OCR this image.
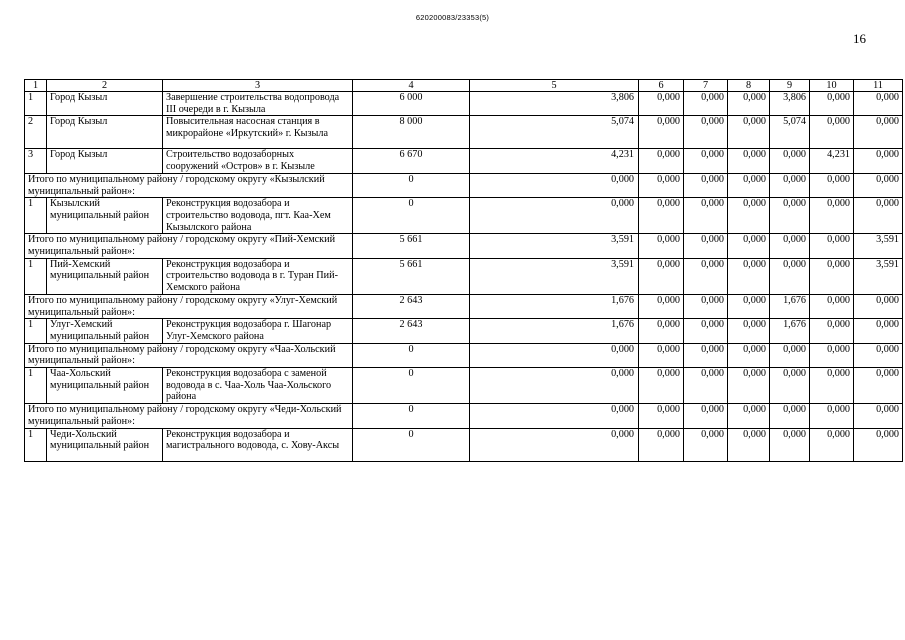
620200083/23353(5)
16
1	2	3	4	5	6	7	8	9	10	11
1	Город Кызыл	Завершение строительства водопровода III очереди в г. Кызыла	6 000	3,806	0,000	0,000	0,000	3,806	0,000	0,000
2	Город Кызыл	Повысительная насосная станция в микрорайоне «Иркутский» г. Кызыла	8 000	5,074	0,000	0,000	0,000	5,074	0,000	0,000
3	Город Кызыл	Строительство водозаборных сооружений «Остров» в г. Кызыле	6 670	4,231	0,000	0,000	0,000	0,000	4,231	0,000
Итого по муниципальному району / городскому округу «Кызылский муниципальный район»:			0	0,000	0,000	0,000	0,000	0,000	0,000	0,000
1	Кызылский муниципальный район	Реконструкция водозабора и строительство водовода, пгт. Каа-Хем Кызылского района	0	0,000	0,000	0,000	0,000	0,000	0,000	0,000
Итого по муниципальному району / городскому округу «Пий-Хемский муниципальный район»:			5 661	3,591	0,000	0,000	0,000	0,000	0,000	3,591
1	Пий-Хемский муниципальный район	Реконструкция водозабора и строительство водовода в г. Туран Пий-Хемского района	5 661	3,591	0,000	0,000	0,000	0,000	0,000	3,591
Итого по муниципальному району / городскому округу «Улуг-Хемский муниципальный район»:			2 643	1,676	0,000	0,000	0,000	1,676	0,000	0,000
1	Улуг-Хемский муниципальный район	Реконструкция водозабора г. Шагонар Улуг-Хемского района	2 643	1,676	0,000	0,000	0,000	1,676	0,000	0,000
Итого по муниципальному району / городскому округу «Чаа-Хольский муниципальный район»:			0	0,000	0,000	0,000	0,000	0,000	0,000	0,000
1	Чаа-Хольский муниципальный район	Реконструкция водозабора с заменой водовода в с. Чаа-Холь Чаа-Хольского района	0	0,000	0,000	0,000	0,000	0,000	0,000	0,000
Итого по муниципальному району / городскому округу «Чеди-Хольский муниципальный район»:			0	0,000	0,000	0,000	0,000	0,000	0,000	0,000
1	Чеди-Хольский муниципальный район	Реконструкция водозабора и магистрального водовода, с. Хову-Аксы	0	0,000	0,000	0,000	0,000	0,000	0,000	0,000
